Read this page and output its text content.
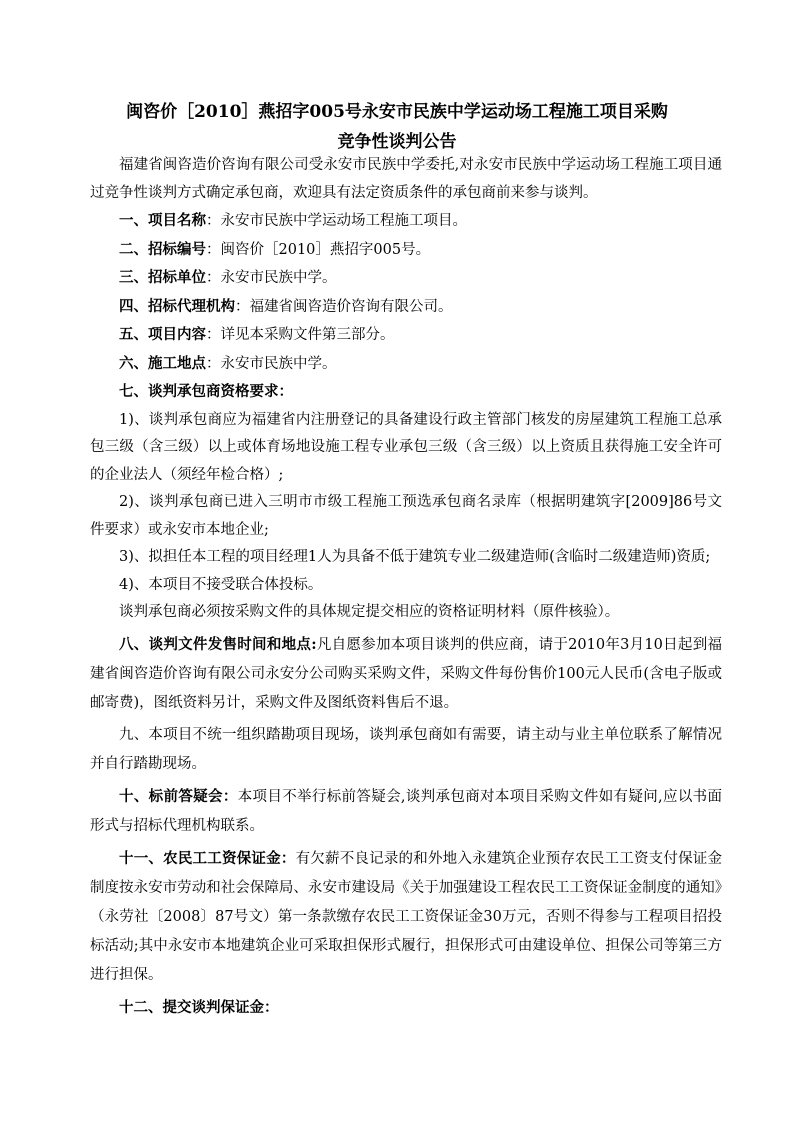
闽咨价［2010］燕招字005号永安市民族中学运动场工程施工项目采购
竞争性谈判公告

福建省闽咨造价咨询有限公司受永安市民族中学委托,对永安市民族中学运动场工程施工项目通过竞争性谈判方式确定承包商，欢迎具有法定资质条件的承包商前来参与谈判。

一、项目名称：永安市民族中学运动场工程施工项目。

二、招标编号：闽咨价［2010］燕招字005号。

三、招标单位：永安市民族中学。

四、招标代理机构：福建省闽咨造价咨询有限公司。

五、项目内容：详见本采购文件第三部分。

六、施工地点：永安市民族中学。

七、谈判承包商资格要求：

1)、谈判承包商应为福建省内注册登记的具备建设行政主管部门核发的房屋建筑工程施工总承包三级（含三级）以上或体育场地设施工程专业承包三级（含三级）以上资质且获得施工安全许可的企业法人（须经年检合格）;

2)、谈判承包商已进入三明市市级工程施工预选承包商名录库（根据明建筑字[2009]86号文件要求）或永安市本地企业;

3)、拟担任本工程的项目经理1人为具备不低于建筑专业二级建造师(含临时二级建造师)资质;

4)、本项目不接受联合体投标。

谈判承包商必须按采购文件的具体规定提交相应的资格证明材料（原件核验）。

八、谈判文件发售时间和地点:凡自愿参加本项目谈判的供应商，请于2010年3月10日起到福建省闽咨造价咨询有限公司永安分公司购买采购文件，采购文件每份售价100元人民币(含电子版或邮寄费)，图纸资料另计，采购文件及图纸资料售后不退。

九、本项目不统一组织踏勘项目现场，谈判承包商如有需要，请主动与业主单位联系了解情况并自行踏勘现场。

十、标前答疑会：本项目不举行标前答疑会,谈判承包商对本项目采购文件如有疑问,应以书面形式与招标代理机构联系。

十一、农民工工资保证金：有欠薪不良记录的和外地入永建筑企业预存农民工工资支付保证金制度按永安市劳动和社会保障局、永安市建设局《关于加强建设工程农民工工资保证金制度的通知》（永劳社〔2008〕87号文）第一条款缴存农民工工资保证金30万元，否则不得参与工程项目招投标活动;其中永安市本地建筑企业可采取担保形式履行，担保形式可由建设单位、担保公司等第三方进行担保。

十二、提交谈判保证金：
